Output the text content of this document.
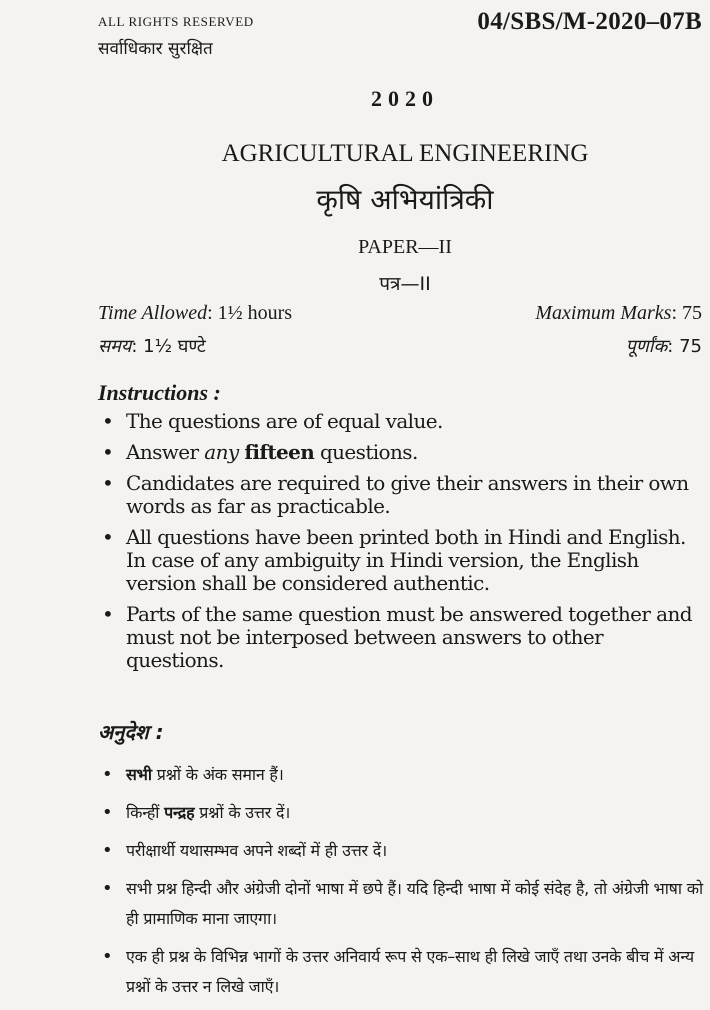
ALL RIGHTS RESERVED
सर्वाधिकार सुरक्षित
04/SBS/M-2020–07B
2020
AGRICULTURAL ENGINEERING
कृषि अभियांत्रिकी
PAPER—II
पत्र—II
Time Allowed: 1½ hours	Maximum Marks: 75
समय: 1½ घण्टे	पूर्णांक: 75
Instructions :
• The questions are of equal value.
• Answer any fifteen questions.
• Candidates are required to give their answers in their own words as far as practicable.
• All questions have been printed both in Hindi and English. In case of any ambiguity in Hindi version, the English version shall be considered authentic.
• Parts of the same question must be answered together and must not be interposed between answers to other questions.
अनुदेश :
• सभी प्रश्नों के अंक समान हैं।
• किन्हीं पन्द्रह प्रश्नों के उत्तर दें।
• परीक्षार्थी यथासम्भव अपने शब्दों में ही उत्तर दें।
• सभी प्रश्न हिन्दी और अंग्रेजी दोनों भाषा में छपे हैं। यदि हिन्दी भाषा में कोई संदेह है, तो अंग्रेजी भाषा को ही प्रामाणिक माना जाएगा।
• एक ही प्रश्न के विभिन्न भागों के उत्तर अनिवार्य रूप से एक–साथ ही लिखे जाएँ तथा उनके बीच में अन्य प्रश्नों के उत्तर न लिखे जाएँ।
